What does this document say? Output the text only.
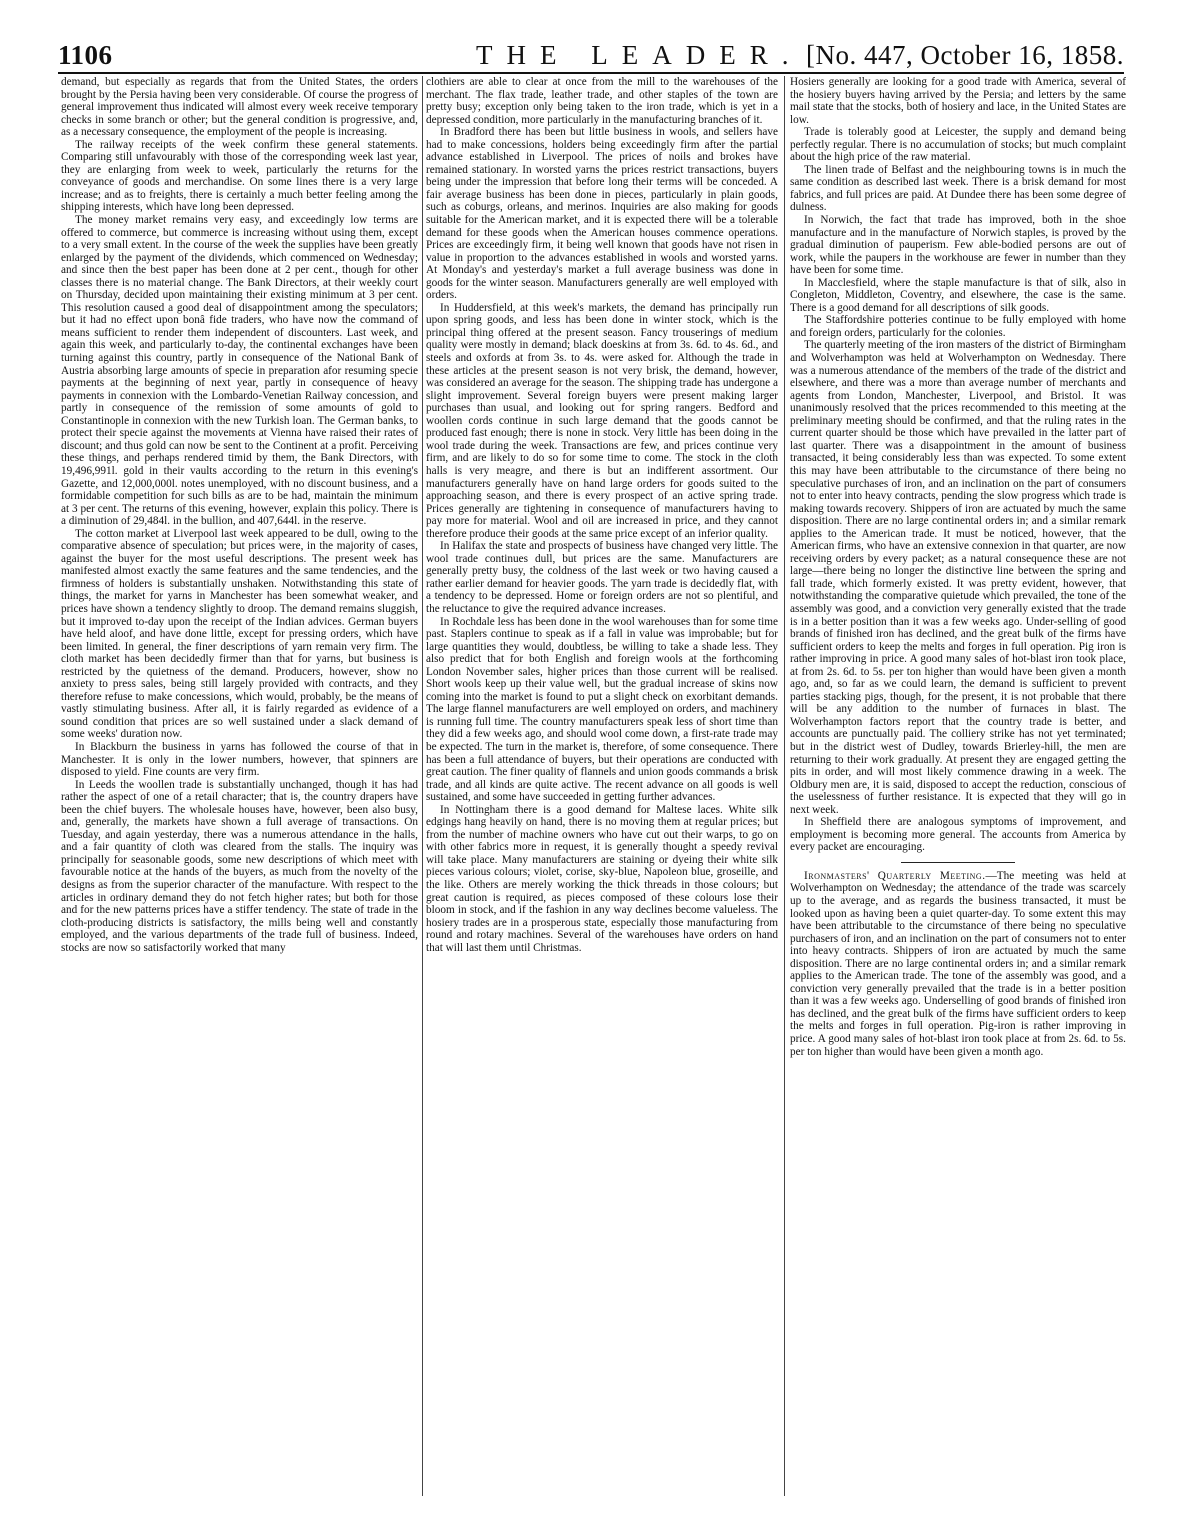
1106	THE LEADER. [No. 447, October 16, 1858.

demand, but especially as regards that from the United States, the orders brought by the Persia having been very considerable. Of course the progress of general improvement thus indicated will almost every week receive temporary checks in some branch or other; but the general condition is progressive, and, as a necessary consequence, the employment of the people is increasing.

The railway receipts of the week confirm these general statements. Comparing still unfavourably with those of the corresponding week last year, they are enlarging from week to week, particularly the returns for the conveyance of goods and merchandise. On some lines there is a very large increase; and as to freights, there is certainly a much better feeling among the shipping interests, which have long been depressed.

The money market remains very easy, and exceedingly low terms are offered to commerce, but commerce is increasing without using them, except to a very small extent. In the course of the week the supplies have been greatly enlarged by the payment of the dividends, which commenced on Wednesday; and since then the best paper has been done at 2 per cent., though for other classes there is no material change. The Bank Directors, at their weekly court on Thursday, decided upon maintaining their existing minimum at 3 per cent. This resolution caused a good deal of disappointment among the speculators; but it had no effect upon bonâ fide traders, who have now the command of means sufficient to render them independent of discounters. Last week, and again this week, and particularly to-day, the continental exchanges have been turning against this country, partly in consequence of the National Bank of Austria absorbing large amounts of specie in preparation afor resuming specie payments at the beginning of next year, partly in consequence of heavy payments in connexion with the Lombardo-Venetian Railway concession, and partly in consequence of the remission of some amounts of gold to Constantinople in connexion with the new Turkish loan. The German banks, to protect their specie against the movements at Vienna have raised their rates of discount; and thus gold can now be sent to the Continent at a profit. Perceiving these things, and perhaps rendered timid by them, the Bank Directors, with 19,496,991l. gold in their vaults according to the return in this evening's Gazette, and 12,000,000l. notes unemployed, with no discount business, and a formidable competition for such bills as are to be had, maintain the minimum at 3 per cent. The returns of this evening, however, explain this policy. There is a diminution of 29,484l. in the bullion, and 407,644l. in the reserve.

The cotton market at Liverpool last week appeared to be dull, owing to the comparative absence of speculation; but prices were, in the majority of cases, against the buyer for the most useful descriptions. The present week has manifested almost exactly the same features and the same tendencies, and the firmness of holders is substantially unshaken. Notwithstanding this state of things, the market for yarns in Manchester has been somewhat weaker, and prices have shown a tendency slightly to droop. The demand remains sluggish, but it improved to-day upon the receipt of the Indian advices. German buyers have held aloof, and have done little, except for pressing orders, which have been limited. In general, the finer descriptions of yarn remain very firm. The cloth market has been decidedly firmer than that for yarns, but business is restricted by the quietness of the demand. Producers, however, show no anxiety to press sales, being still largely provided with contracts, and they therefore refuse to make concessions, which would, probably, be the means of vastly stimulating business. After all, it is fairly regarded as evidence of a sound condition that prices are so well sustained under a slack demand of some weeks' duration now.

In Blackburn the business in yarns has followed the course of that in Manchester. It is only in the lower numbers, however, that spinners are disposed to yield. Fine counts are very firm.

In Leeds the woollen trade is substantially unchanged, though it has had rather the aspect of one of a retail character; that is, the country drapers have been the chief buyers. The wholesale houses have, however, been also busy, and, generally, the markets have shown a full average of transactions. On Tuesday, and again yesterday, there was a numerous attendance in the halls, and a fair quantity of cloth was cleared from the stalls. The inquiry was principally for seasonable goods, some new descriptions of which meet with favourable notice at the hands of the buyers, as much from the novelty of the designs as from the superior character of the manufacture. With respect to the articles in ordinary demand they do not fetch higher rates; but both for those and for the new patterns prices have a stiffer tendency. The state of trade in the cloth-producing districts is satisfactory, the mills being well and constantly employed, and the various departments of the trade full of business. Indeed, stocks are now so satisfactorily worked that many

clothiers are able to clear at once from the mill to the warehouses of the merchant. The flax trade, leather trade, and other staples of the town are pretty busy; exception only being taken to the iron trade, which is yet in a depressed condition, more particularly in the manufacturing branches of it.

In Bradford there has been but little business in wools, and sellers have had to make concessions, holders being exceedingly firm after the partial advance established in Liverpool. The prices of noils and brokes have remained stationary. In worsted yarns the prices restrict transactions, buyers being under the impression that before long their terms will be conceded. A fair average business has been done in pieces, particularly in plain goods, such as coburgs, orleans, and merinos. Inquiries are also making for goods suitable for the American market, and it is expected there will be a tolerable demand for these goods when the American houses commence operations. Prices are exceedingly firm, it being well known that goods have not risen in value in proportion to the advances established in wools and worsted yarns. At Monday's and yesterday's market a full average business was done in goods for the winter season. Manufacturers generally are well employed with orders.

In Huddersfield, at this week's markets, the demand has principally run upon spring goods, and less has been done in winter stock, which is the principal thing offered at the present season. Fancy trouserings of medium quality were mostly in demand; black doeskins at from 3s. 6d. to 4s. 6d., and steels and oxfords at from 3s. to 4s. were asked for. Although the trade in these articles at the present season is not very brisk, the demand, however, was considered an average for the season. The shipping trade has undergone a slight improvement. Several foreign buyers were present making larger purchases than usual, and looking out for spring rangers. Bedford and woollen cords continue in such large demand that the goods cannot be produced fast enough; there is none in stock. Very little has been doing in the wool trade during the week. Transactions are few, and prices continue very firm, and are likely to do so for some time to come. The stock in the cloth halls is very meagre, and there is but an indifferent assortment. Our manufacturers generally have on hand large orders for goods suited to the approaching season, and there is every prospect of an active spring trade. Prices generally are tightening in consequence of manufacturers having to pay more for material. Wool and oil are increased in price, and they cannot therefore produce their goods at the same price except of an inferior quality.

In Halifax the state and prospects of business have changed very little. The wool trade continues dull, but prices are the same. Manufacturers are generally pretty busy, the coldness of the last week or two having caused a rather earlier demand for heavier goods. The yarn trade is decidedly flat, with a tendency to be depressed. Home or foreign orders are not so plentiful, and the reluctance to give the required advance increases.

In Rochdale less has been done in the wool warehouses than for some time past. Staplers continue to speak as if a fall in value was improbable; but for large quantities they would, doubtless, be willing to take a shade less. They also predict that for both English and foreign wools at the forthcoming London November sales, higher prices than those current will be realised. Short wools keep up their value well, but the gradual increase of skins now coming into the market is found to put a slight check on exorbitant demands. The large flannel manufacturers are well employed on orders, and machinery is running full time. The country manufacturers speak less of short time than they did a few weeks ago, and should wool come down, a first-rate trade may be expected. The turn in the market is, therefore, of some consequence. There has been a full attendance of buyers, but their operations are conducted with great caution. The finer quality of flannels and union goods commands a brisk trade, and all kinds are quite active. The recent advance on all goods is well sustained, and some have succeeded in getting further advances.

In Nottingham there is a good demand for Maltese laces. White silk edgings hang heavily on hand, there is no moving them at regular prices; but from the number of machine owners who have cut out their warps, to go on with other fabrics more in request, it is generally thought a speedy revival will take place. Many manufacturers are staining or dyeing their white silk pieces various colours; violet, corise, sky-blue, Napoleon blue, groseille, and the like. Others are merely working the thick threads in those colours; but great caution is required, as pieces composed of these colours lose their bloom in stock, and if the fashion in any way declines become valueless. The hosiery trades are in a prosperous state, especially those manufacturing from round and rotary machines. Several of the warehouses have orders on hand that will last them until Christmas.

Hosiers generally are looking for a good trade with America, several of the hosiery buyers having arrived by the Persia; and letters by the same mail state that the stocks, both of hosiery and lace, in the United States are low.

Trade is tolerably good at Leicester, the supply and demand being perfectly regular. There is no accumulation of stocks; but much complaint about the high price of the raw material.

The linen trade of Belfast and the neighbouring towns is in much the same condition as described last week. There is a brisk demand for most fabrics, and full prices are paid. At Dundee there has been some degree of dulness.

In Norwich, the fact that trade has improved, both in the shoe manufacture and in the manufacture of Norwich staples, is proved by the gradual diminution of pauperism. Few able-bodied persons are out of work, while the paupers in the workhouse are fewer in number than they have been for some time.

In Macclesfield, where the staple manufacture is that of silk, also in Congleton, Middleton, Coventry, and elsewhere, the case is the same. There is a good demand for all descriptions of silk goods.

The Staffordshire potteries continue to be fully employed with home and foreign orders, particularly for the colonies.

The quarterly meeting of the iron masters of the district of Birmingham and Wolverhampton was held at Wolverhampton on Wednesday. There was a numerous attendance of the members of the trade of the district and elsewhere, and there was a more than average number of merchants and agents from London, Manchester, Liverpool, and Bristol. It was unanimously resolved that the prices recommended to this meeting at the preliminary meeting should be confirmed, and that the ruling rates in the current quarter should be those which have prevailed in the latter part of last quarter. There was a disappointment in the amount of business transacted, it being considerably less than was expected. To some extent this may have been attributable to the circumstance of there being no speculative purchases of iron, and an inclination on the part of consumers not to enter into heavy contracts, pending the slow progress which trade is making towards recovery. Shippers of iron are actuated by much the same disposition. There are no large continental orders in; and a similar remark applies to the American trade. It must be noticed, however, that the American firms, who have an extensive connexion in that quarter, are now receiving orders by every packet; as a natural consequence these are not large—there being no longer the distinctive line between the spring and fall trade, which formerly existed. It was pretty evident, however, that notwithstanding the comparative quietude which prevailed, the tone of the assembly was good, and a conviction very generally existed that the trade is in a better position than it was a few weeks ago. Under-selling of good brands of finished iron has declined, and the great bulk of the firms have sufficient orders to keep the melts and forges in full operation. Pig iron is rather improving in price. A good many sales of hot-blast iron took place, at from 2s. 6d. to 5s. per ton higher than would have been given a month ago, and, so far as we could learn, the demand is sufficient to prevent parties stacking pigs, though, for the present, it is not probable that there will be any addition to the number of furnaces in blast. The Wolverhampton factors report that the country trade is better, and accounts are punctually paid. The colliery strike has not yet terminated; but in the district west of Dudley, towards Brierley-hill, the men are returning to their work gradually. At present they are engaged getting the pits in order, and will most likely commence drawing in a week. The Oldbury men are, it is said, disposed to accept the reduction, conscious of the uselessness of further resistance. It is expected that they will go in next week.

In Sheffield there are analogous symptoms of improvement, and employment is becoming more general. The accounts from America by every packet are encouraging.

Ironmasters' Quarterly Meeting.—The meeting was held at Wolverhampton on Wednesday; the attendance of the trade was scarcely up to the average, and as regards the business transacted, it must be looked upon as having been a quiet quarter-day. To some extent this may have been attributable to the circumstance of there being no speculative purchasers of iron, and an inclination on the part of consumers not to enter into heavy contracts. Shippers of iron are actuated by much the same disposition. There are no large continental orders in; and a similar remark applies to the American trade. The tone of the assembly was good, and a conviction very generally prevailed that the trade is in a better position than it was a few weeks ago. Underselling of good brands of finished iron has declined, and the great bulk of the firms have sufficient orders to keep the melts and forges in full operation. Pig-iron is rather improving in price. A good many sales of hot-blast iron took place at from 2s. 6d. to 5s. per ton higher than would have been given a month ago.
